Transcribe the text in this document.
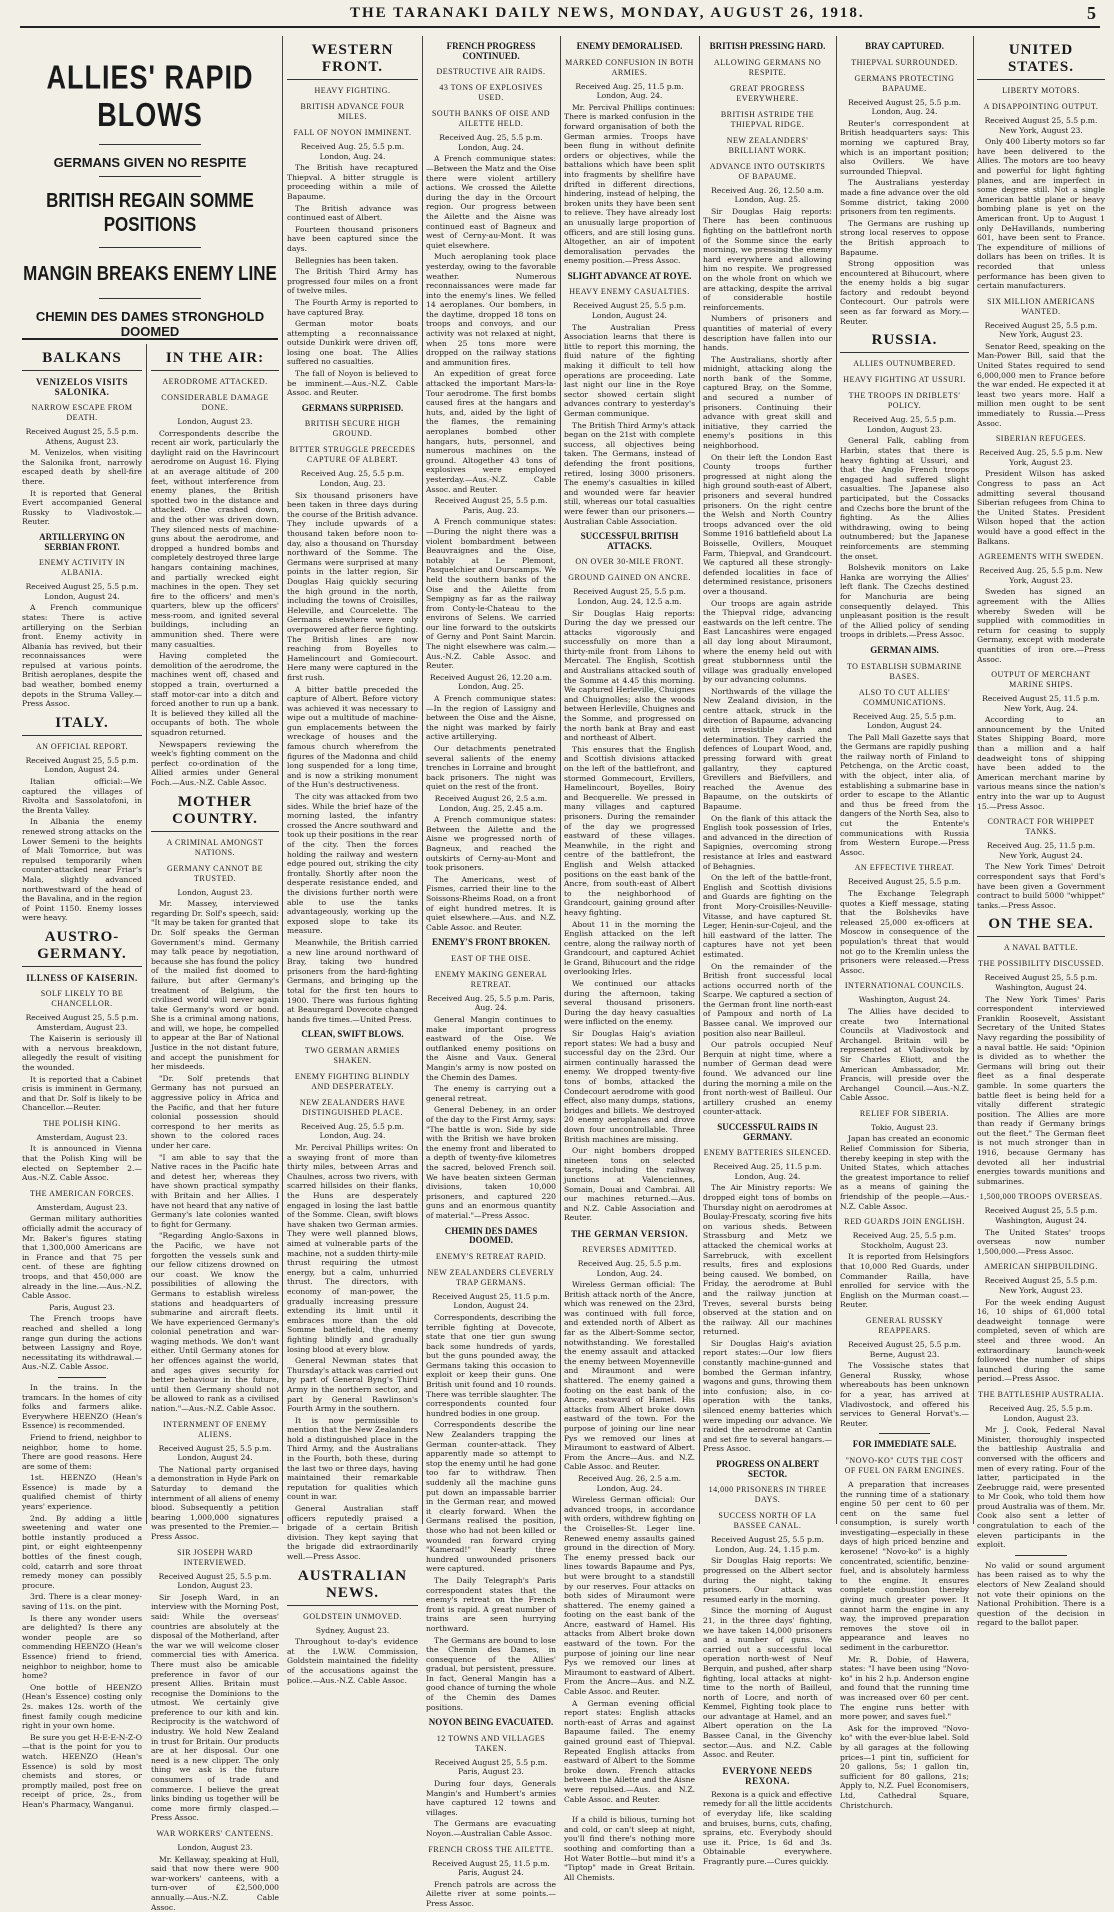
THE TARANAKI DAILY NEWS, MONDAY, AUGUST 26, 1918.	5
ALLIES' RAPID BLOWS
GERMANS GIVEN NO RESPITE
BRITISH REGAIN SOMME POSITIONS
MANGIN BREAKS ENEMY LINE
CHEMIN DES DAMES STRONGHOLD DOOMED
BALKANS
VENIZELOS VISITS SALONIKA.
NARROW ESCAPE FROM DEATH.

Received August 25, 5.5 p.m. Athens, August 23.

M. Venizelos, when visiting the Salonika front, narrowly escaped death by shell-fire there.

It is reported that General Evert accompanied General Russky to Vladivostok.—Reuter.

ARTILLERYING ON SERBIAN FRONT.
ENEMY ACTIVITY IN ALBANIA.

Received August 25, 5.5 p.m. London, August 24.

A French communique states: There is active artillerying on the Serbian front. Enemy activity in Albania has revived, but their reconnaissances were repulsed at various points. British aeroplanes, despite the bad weather, bombed enemy depots in the Struma Valley.—Press Assoc.

ITALY.
AN OFFICIAL REPORT.

Received August 25, 5.5 p.m. London, August 24.

Italian official:—We captured the villages of Rivolta and Sassolatofoni, in the Brenta Valley.

In Albania the enemy renewed strong attacks on the Lower Semeni to the heights of Mali Tomorrice, but was repulsed temporarily when counter-attacked near Friar's Mala, slightly advanced northwestward of the head of the Bavalina, and in the region of Point 1150. Enemy losses were heavy.

AUSTRO-GERMANY.
ILLNESS OF KAISERIN.
SOLF LIKELY TO BE CHANCELLOR.

Received August 25, 5.5 p.m. Amsterdam, August 23.

The Kaiserin is seriously ill with a nervous breakdown, allegedly the result of visiting the wounded.

It is reported that a Cabinet crisis is imminent in Germany, and that Dr. Solf is likely to be Chancellor.—Reuter.

THE POLISH KING.

Amsterdam, August 23.

It is announced in Vienna that the Polish King will be elected on September 2.—Aus.-N.Z. Cable Assoc.

THE AMERICAN FORCES.

Amsterdam, August 23.

German military authorities officially admit the accuracy of Mr. Baker's figures stating that 1,300,000 Americans are in France and that 75 per cent. of these are fighting troops, and that 450,000 are already in the line.—Aus.-N.Z. Cable Assoc.

Paris, August 23.

The French troops have reached and shelled a long range gun during the actions between Lassigny and Roye, necessitating its withdrawal.—Aus.-N.Z. Cable Assoc.

In the trains. In the tramcars. In the homes of city folks and farmers alike. Everywhere HEENZO (Hean's Essence) is recommended.

Friend to friend, neighbor to neighbor, home to home. There are good reasons. Here are some of them:

1st. HEENZO (Hean's Essence) is made by a qualified chemist of thirty years' experience.

2nd. By adding a little sweetening and water one bottle instantly produced a pint, or eight eighteenpenny bottles of the finest cough, cold, catarrh and sore throat remedy money can possibly procure.

3rd. There is a clear money-saving of 11s. on the pint.

Is there any wonder users are delighted? Is there any wonder people are so commending HEENZO (Hean's Essence) friend to friend, neighbor to neighbor, home to home?

One bottle of HEENZO (Hean's Essence) costing only 2s. makes 12s. worth of the finest family cough medicine right in your own home.

Be sure you get H-E-E-N-Z-O—that is the point for you to watch. HEENZO (Hean's Essence) is sold by most chemists and stores, or promptly mailed, post free on receipt of price, 2s., from Hean's Pharmacy, Wanganui.

IN THE AIR:
AERODROME ATTACKED.
CONSIDERABLE DAMAGE DONE.

London, August 23.

Correspondents describe the recent air work, particularly the daylight raid on the Havrincourt aerodrome on August 16. Flying at an average altitude of 200 feet, without interference from enemy planes, the British spotted two in the distance and attacked. One crashed down, and the other was driven down. They silenced nests of machine-guns about the aerodrome, and dropped a hundred bombs and completely destroyed three large hangars containing machines, and partially wrecked eight machines in the open. They set fire to the officers' and men's quarters, blew up the officers' mess-room, and ignited several buildings, including an ammunition shed. There were many casualties.

Having completed the demolition of the aerodrome, the machines went off, chased and stopped a train, overturned a staff motor-car into a ditch and forced another to run up a bank. It is believed they killed all the occupants of both. The whole squadron returned.

Newspapers reviewing the week's fighting comment on the perfect co-ordination of the Allied armies under General Foch.—Aus.-N.Z. Cable Assoc.

MOTHER COUNTRY.
A CRIMINAL AMONGST NATIONS.
GERMANY CANNOT BE TRUSTED.

London, August 23.

Mr. Massey, interviewed regarding Dr. Solf's speech, said: "It may be taken for granted that Dr. Solf speaks the German Government's mind. Germany may talk peace by negotiation, because she has found the policy of the mailed fist doomed to failure, but after Germany's treatment of Belgium, the civilised world will never again take Germany's word or bond. She is a criminal among nations, and will, we hope, be compelled to appear at the Bar of National Justice in the not distant future, and accept the punishment for her misdeeds.

"Dr. Solf pretends that Germany has not pursued an aggressive policy in Africa and the Pacific, and that her future colonial possession should correspond to her merits as shown to the colored races under her care.

"I am able to say that the Native races in the Pacific hate and detest her, whereas they have shown practical sympathy with Britain and her Allies. I have not heard that any native of Germany's late colonies wanted to fight for Germany.

"Regarding Anglo-Saxons in the Pacific, we have not forgotten the vessels sunk and our fellow citizens drowned on our coast. We know the possibilities of allowing the Germans to establish wireless stations and headquarters of submarine and aircraft fleets. We have experienced Germany's colonial penetration and war-waging methods. We don't want either. Until Germany atones for her offences against the world, and ages gives security for better behaviour in the future, until then Germany should not be allowed to rank as a civilised nation."—Aus.-N.Z. Cable Assoc.

INTERNMENT OF ENEMY ALIENS.

Received August 25, 5.5 p.m. London, August 24.

The National party organised a demonstration in Hyde Park on Saturday to demand the internment of all aliens of enemy blood. Subsequently a petition bearing 1,000,000 signatures was presented to the Premier.—Press Assoc.

SIR JOSEPH WARD INTERVIEWED.

Received August 25, 5.5 p.m. London, August 23.

Sir Joseph Ward, in an interview with the Morning Post, said: While the overseas' countries are absolutely at the disposal of the Motherland, after the war we will welcome closer commercial ties with America. There must also be amicable preference in favor of our present Allies. Britain must recognise the Dominions to the utmost. We certainly give preference to our kith and kin. Reciprocity is the watchword of industry. We hold New Zealand in trust for Britain. Our products are at her disposal. Our one need is a new clipper. The only thing we ask is the future consumers of trade and commerce. I believe the great links binding us together will be come more firmly clasped.—Press Assoc.

WAR WORKERS' CANTEENS.

London, August 23.

Mr. Kellaway, speaking at Hull, said that now there were 900 war-workers' canteens, with a turn-over of £2,500,000 annually.—Aus.-N.Z. Cable Assoc.

WESTERN FRONT.
HEAVY FIGHTING.
BRITISH ADVANCE FOUR MILES.
FALL OF NOYON IMMINENT.

Received Aug. 25, 5.5 p.m. London, Aug. 24.

The British have recaptured Thiepval. A bitter struggle is proceeding within a mile of Bapaume.

The British advance was continued east of Albert.

Fourteen thousand prisoners have been captured since the days.

Bellegnies has been taken.

The British Third Army has progressed four miles on a front of twelve miles.

The Fourth Army is reported to have captured Bray.

German motor boats attempting a reconnaissance outside Dunkirk were driven off, losing one boat. The Allies suffered no casualties.

The fall of Noyon is believed to be imminent.—Aus.-N.Z. Cable Assoc. and Reuter.

GERMANS SURPRISED.
BRITISH SECURE HIGH GROUND.
BITTER STRUGGLE PRECEDES CAPTURE OF ALBERT.

Received Aug. 25, 5.5 p.m. London, Aug. 23.

Six thousand prisoners have been taken in three days during the course of the British advance. They include upwards of a thousand taken before noon to-day, also a thousand on Thursday northward of the Somme. The Germans were surprised at many points in the latter region, Sir Douglas Haig quickly securing the high ground in the north, including the towns of Croisilles, Heleville, and Courcelette. The Germans elsewhere were only overpowered after fierce fighting. The British lines are now reaching from Boyelles to Hamelincourt and Gomiecourt. Here many were captured in the first rush.

A bitter battle preceded the capture of Albert. Before victory was achieved it was necessary to wipe out a multitude of machine-gun emplacements between the wreckage of houses and the famous church wherefrom the figures of the Madonna and child long suspended for a long time, and is now a striking monument of the Hun's destructiveness.

The city was attacked from two sides. While the brief haze of the morning lasted, the infantry crossed the Ancre southward and took up their positions in the rear of the city. Then the forces holding the railway and western edge poured out, striking the city frontally. Shortly after noon the desperate resistance ended, and the divisions further north were able to use the tanks advantageously, working up the exposed slope to take its measure.

Meanwhile, the British carried a new line around northward of Bray, taking two hundred prisoners from the hard-fighting Germans, and bringing up the total for the first ten hours to 1900. There was furious fighting at Beauregard Dovecote changed hands five times.—United Press.

CLEAN, SWIFT BLOWS.
TWO GERMAN ARMIES SHAKEN.
ENEMY FIGHTING BLINDLY AND DESPERATELY.
NEW ZEALANDERS HAVE DISTINGUISHED PLACE.

Received Aug. 25, 5.5 p.m. London, Aug. 24.

Mr. Percival Phillips writes: On a swaying front of more than thirty miles, between Arras and Chaulnes, across two rivers, with scarred hillsides on their flanks, the Huns are desperately engaged in losing the last battle of the Somme. Clean, swift blows have shaken two German armies. They were well planned blows, aimed at vulnerable parts of the machine, not a sudden thirty-mile thrust requiring the utmost energy, but a calm, unhurried thrust. The directors, with economy of man-power, the gradually increasing pressure extending its limit until it embraces more than the old Somme battlefield, the enemy fighting blindly and gradually losing blood at every blow.

General Newman states that Thursday's attack was carried out by part of General Byng's Third Army in the northern sector, and part by General Rawlinson's Fourth Army in the southern.

It is now permissible to mention that the New Zealanders hold a distinguished place in the Third Army, and the Australians in the Fourth, both these, during the last two or three days, having maintained their remarkable reputation for qualities which count in war.

General Australian staff officers reputedly praised a brigade of a certain British division. They kept saying that the brigade did extraordinarily well.—Press Assoc.

AUSTRALIAN NEWS.
GOLDSTEIN UNMOVED.

Sydney, August 23.

Throughout to-day's evidence at the I.W.W. Commission, Goldstein maintained the fidelity of the accusations against the police.—Aus.-N.Z. Cable Assoc.

FRENCH PROGRESS CONTINUED.
DESTRUCTIVE AIR RAIDS.
43 TONS OF EXPLOSIVES USED.
SOUTH BANKS OF OISE AND AILETTE HELD.

Received Aug. 25, 5.5 p.m. London, Aug. 24.

A French communique states:—Between the Matz and the Oise there were violent artillery actions. We crossed the Ailette during the day in the Orcourt region. Our progress between the Ailette and the Aisne was continued east of Bagneux and west of Cerny-au-Mont. It was quiet elsewhere.

Much aeroplaning took place yesterday, owing to the favorable weather. Numerous reconnaissances were made far into the enemy's lines. We felled 14 aeroplanes. Our bombers, in the daytime, dropped 18 tons on troops and convoys, and our activity was not relaxed at night, when 25 tons more were dropped on the railway stations and ammunition fires.

An expedition of great force attacked the important Mars-la-Tour aerodrome. The first bombs caused fires at the hangars and huts, and, aided by the light of the flames, the remaining aeroplanes bombed other hangars, huts, personnel, and numerous machines on the ground. Altogether 43 tons of explosives were employed yesterday.—Aus.-N.Z. Cable Assoc. and Reuter.

Received August 25, 5.5 p.m. Paris, Aug. 23.

A French communique states:—During the night there was a violent bombardment between Beauvraignes and the Oise, notably at Le Plemont, Pasquelchier and Ourscamps. We held the southern banks of the Oise and the Ailette from Sempigny as far as the railway from Conty-le-Chateau to the environs of Selens. We carried our line forward to the outskirts of Gerny and Pont Saint Marcin. The night elsewhere was calm.—Aus.-N.Z. Cable Assoc. and Reuter.

Received August 26, 12.20 a.m. London, Aug. 25.

A French communique states:—In the region of Lassigny and between the Oise and the Aisne, the night was marked by fairly active artillerying.

Our detachments penetrated several salients of the enemy trenches in Lorraine and brought back prisoners. The night was quiet on the rest of the front.

Received August 26, 2.5 a.m. London, Aug. 25, 2.45 a.m.

A French communique states: Between the Ailette and the Aisne we progressed north of Bagneux, and reached the outskirts of Cerny-au-Mont and took prisoners.

The Americans, west of Fismes, carried their line to the Soissons-Rheims Road, on a front of eight hundred metres. It is quiet elsewhere.—Aus. and N.Z. Cable Assoc. and Reuter.

ENEMY'S FRONT BROKEN.
EAST OF THE OISE.
ENEMY MAKING GENERAL RETREAT.

Received Aug. 25, 5.5 p.m. Paris, Aug. 24.

General Mangin continues to make important progress eastward of the Oise. We outflanked enemy positions on the Aisne and Vaux. General Mangin's army is now posted on the Chemin des Dames.

The enemy is carrying out a general retreat.

General Debeney, in an order of the day to the First Army, says: "The battle is won. Side by side with the British we have broken the enemy front and liberated to a depth of twenty-five kilometres the sacred, beloved French soil. We have beaten sixteen German divisions, taken 10,000 prisoners, and captured 220 guns and an enormous quantity of material."—Press Assoc.

CHEMIN DES DAMES DOOMED.
ENEMY'S RETREAT RAPID.
NEW ZEALANDERS CLEVERLY TRAP GERMANS.

Received August 25, 11.5 p.m. London, August 24.

Correspondents, describing the terrible fighting at Dovecote, state that one tier gun swung back some hundreds of yards, but the guns pounded away, the Germans taking this occasion to exploit or keep their guns. One British unit found and 10 rounds. There was terrible slaughter. The correspondents counted four hundred bodies in one group.

Correspondents describe the New Zealanders trapping the German counter-attack. They apparently made so attempt to stop the enemy until he had gone too far to withdraw. Then suddenly all the machine guns put down an impassable barrier in the German rear, and mowed it clearly forward. When the Germans realised the position, those who had not been killed or wounded ran forward crying "Kamerad!" Nearly three hundred unwounded prisoners were captured.

The Daily Telegraph's Paris correspondent states that the enemy's retreat on the French front is rapid. A great number of trains are seen hurrying northward.

The Germans are bound to lose the Chemin des Dames, in consequence of the Allies' gradual, but persistent, pressure. In fact, General Mangin has a good chance of turning the whole of the Chemin des Dames positions.

NOYON BEING EVACUATED.
12 TOWNS AND VILLAGES TAKEN.

Received August 25, 5.5 p.m. Paris, August 23.

During four days, Generals Mangin's and Humbert's armies have captured 12 towns and villages.

The Germans are evacuating Noyon.—Australian Cable Assoc.

FRENCH CROSS THE AILETTE.

Received August 25, 11.5 p.m. Paris, August 24.

French patrols are across the Ailette river at some points.—Press Assoc.

ENEMY DEMORALISED.
MARKED CONFUSION IN BOTH ARMIES.

Received Aug. 25, 11.5 p.m. London, Aug. 24.

Mr. Percival Phillips continues: There is marked confusion in the forward organisation of both the German armies. Troops have been flung in without definite orders or objectives, while the battalions which have been split into fragments by shellfire have drifted in different directions, hindering, instead of helping, the broken units they have been sent to relieve. They have already lost an unusually large proportion of officers, and are still losing guns. Altogether, an air of impotent demoralisation pervades the enemy position.—Press Assoc.

SLIGHT ADVANCE AT ROYE.
HEAVY ENEMY CASUALTIES.

Received August 25, 5.5 p.m. London, August 24.

The Australian Press Association learns that there is little to report this morning, the fluid nature of the fighting making it difficult to tell how operations are proceeding. Late last night our line in the Roye sector showed certain slight advances contrary to yesterday's German communique.

The British Third Army's attack began on the 21st with complete success, all objectives being taken. The Germans, instead of defending the front positions, retired, losing 3000 prisoners. The enemy's casualties in killed and wounded were far heavier still, whereas our total casualties were fewer than our prisoners.—Australian Cable Association.

SUCCESSFUL BRITISH ATTACKS.
ON OVER 30-MILE FRONT.
GROUND GAINED ON ANCRE.

Received August 25, 5.5 p.m. London, Aug. 24, 12.5 a.m.

Sir Douglas Haig reports: During the day we pressed our attacks vigorously and successfully on more than a thirty-mile front from Lihons to Mercatel. The English, Scottish and Australians attacked south of the Somme at 4.45 this morning. We captured Herleville, Chuignes and Chuignolles; also the woods between Herleville, Chuignes and the Somme, and progressed on the north bank at Bray and east and northeast of Albert.

This ensures that the English and Scottish divisions attacked on the left of the battlefront, and stormed Gommecourt, Ervillers, Hamelincourt, Boyelles, Boiry and Becquerelle. We pressed in many villages and captured prisoners. During the remainder of the day we progressed eastward of these villages. Meanwhile, in the right and centre of the battlefront, the English and Welsh attacked positions on the east bank of the Ancre, from south-east of Albert to the neighborhood of Grandcourt, gaining ground after heavy fighting.

About 11 in the morning the English attacked on the left centre, along the railway north of Grandcourt, and captured Achiet le Grand, Bihucourt and the ridge overlooking Irles.

We continued our attacks during the afternoon, taking several thousand prisoners. During the day heavy casualties were inflicted on the enemy.

Sir Douglas Haig's aviation report states: We had a busy and successful day on the 23rd. Our airmen continually harassed the enemy. We dropped twenty-five tons of bombs, attacked the Condecourt aerodrome with good effect, also many dumps, stations, bridges and billets. We destroyed 20 enemy aeroplanes and drove down four uncontrollable. Three British machines are missing.

Our night bombers dropped nineteen tons on selected targets, including the railway junctions at Valenciennes, Somain, Douai and Cambrai. All our machines returned.—Aus. and N.Z. Cable Association and Reuter.

THE GERMAN VERSION.
REVERSES ADMITTED.

Received Aug. 25, 5.5 p.m. London, Aug. 24.

Wireless German official: The British attack north of the Ancre, which was renewed on the 23rd, was continued with full force, and extended north of Albert as far as the Albert-Somme sector, notwithstanding. We forestalled the enemy assault and attacked the enemy between Moyenneville and Miraumont and were shattered. The enemy gained a footing on the east bank of the Ancre, eastward of Hamel. His attacks from Albert broke down eastward of the town. For the purpose of joining our line near Pys we removed our lines at Miraumont to eastward of Albert. From the Ancre—Aus. and N.Z. Cable Assoc. and Reuter.

Received Aug. 26, 2.5 a.m. London, Aug. 24.

Wireless German official: Our advanced troops, in accordance with orders, withdrew fighting on the Croiselles-St. Leger line. Renewed enemy assaults gained ground in the direction of Mory. The enemy pressed back our lines towards Bapaume and Pys, but were brought to a standstill by our reserves. Four attacks on both sides of Miraumont were shattered. The enemy gained a footing on the east bank of the Ancre, eastward of Hamel. His attacks from Albert broke down eastward of the town. For the purpose of joining our line near Pys we removed our lines at Miraumont to eastward of Albert. From the Ancre—Aus. and N.Z. Cable Assoc. and Reuter.

A German evening official report states: English attacks north-east of Arras and against Bapaume failed. The enemy gained ground east of Thiepval. Repeated English attacks from eastward of Albert to the Somme broke down. French attacks between the Ailette and the Aisne were repulsed.—Aus. and N.Z. Cable Assoc. and Reuter.

If a child is bilious, turning hot and cold, or can't sleep at night, you'll find there's nothing more soothing and comforting than a Hot Water Bottle—but mind it's a "Tiptop" made in Great Britain. All Chemists.

BRITISH PRESSING HARD.
ALLOWING GERMANS NO RESPITE.
GREAT PROGRESS EVERYWHERE.
BRITISH ASTRIDE THE THIEPVAL RIDGE.
NEW ZEALANDERS' BRILLIANT WORK.
ADVANCE INTO OUTSKIRTS OF BAPAUME.

Received Aug. 26, 12.50 a.m. London, Aug. 25.

Sir Douglas Haig reports: There has been continuous fighting on the battlefront north of the Somme since the early morning, we pressing the enemy hard everywhere and allowing him no respite. We progressed on the whole front on which we are attacking, despite the arrival of considerable hostile reinforcements.

Numbers of prisoners and quantities of material of every description have fallen into our hands.

The Australians, shortly after midnight, attacking along the north bank of the Somme, captured Bray, on the Somme, and secured a number of prisoners. Continuing their advance with great skill and initiative, they carried the enemy's positions in this neighborhood.

On their left the London East County troops further progressed at night along the high ground south-east of Albert, prisoners and several hundred prisoners. On the right centre the Welsh and North Country troops advanced over the old Somme 1916 battlefield about La Boisselle, Ovillers, Mouquet Farm, Thiepval, and Grandcourt. We captured all these strongly-defended localities in face of determined resistance, prisoners over a thousand.

Our troops are again astride the Thiepval ridge, advancing eastwards on the left centre. The East Lancashires were engaged all day long about Miraumont, where the enemy held out with great stubbornness until the village was gradually enveloped by our advancing columns.

Northwards of the village the New Zealand division, in the centre attack, struck in the direction of Bapaume, advancing with irresistible dash and determination. They carried the defences of Loupart Wood, and, pressing forward with great gallantry, they captured Grevillers and Biefvillers, and reached the Avenue des Bapaume, on the outskirts of Bapaume.

On the flank of this attack the English took possession of Irles, and advanced in the direction of Sapignies, overcoming strong resistance at Irles and eastward of Behagnies.

On the left of the battle-front, English and Scottish divisions and Guards are fighting on the front Mory-Croisilles-Neuville-Vitasse, and have captured St. Leger, Henin-sur-Cojeul, and the hill eastward of the latter. The captures have not yet been estimated.

On the remainder of the British front successful local actions occurred north of the Scarpe. We captured a section of the German front line north-east of Pampoux and north of La Bassee canal. We improved our position also near Bailleul.

Our patrols occupied Neuf Berquin at night time, where a number of German dead were found. We advanced our line during the morning a mile on the front north-west of Bailleul. Our artillery crushed an enemy counter-attack.

SUCCESSFUL RAIDS IN GERMANY.
ENEMY BATTERIES SILENCED.

Received Aug. 25, 11.5 p.m. London, Aug. 24.

The Air Ministry reports: We dropped eight tons of bombs on Thursday night on aerodromes at Boulay-Frescaty, scoring five hits on various sheds. Between Strassburg and Metz we attacked the chemical works at Sarrebruck, with excellent results, fires and explosions being caused. We bombed, on Friday, the aerodrome at Buhl and the railway junction at Treves, several bursts being observed at the station and on the railway. All our machines returned.

Sir Douglas Haig's aviation report states:—Our low fliers constantly machine-gunned and bombed the German infantry, wagons and guns, throwing them into confusion; also, in co-operation with the tanks, silenced enemy batteries which were impeding our advance. We raided the aerodrome at Cantin and set fire to several hangars.—Press Assoc.

PROGRESS ON ALBERT SECTOR.
14,000 PRISONERS IN THREE DAYS.
SUCCESS NORTH OF LA BASSEE CANAL.

Received August 25, 5.5 p.m. London, Aug. 24, 1.15 p.m.

Sir Douglas Haig reports: We progressed on the Albert sector during the night, taking prisoners. Our attack was resumed early in the morning.

Since the morning of August 21, in the three days' fighting, we have taken 14,000 prisoners and a number of guns. We carried out a successful local operation north-west of Neuf Berquin, and pushed, after sharp fighting, local attacks at night-time to the north of Bailleul, north of Locre, and north of Kemmel, Fighting took place to our advantage at Hamel, and an Albert operation on the La Bassee Canal, in the Givenchy sector.—Aus. and N.Z. Cable Assoc. and Reuter.

EVERYONE NEEDS REXONA.

Rexona is a quick and effective remedy for all the little accidents of everyday life, like scalding and bruises, burns, cuts, chafing, sprains, etc. Everybody should use it. Price, 1s 6d and 3s. Obtainable everywhere. Fragrantly pure.—Cures quickly.

BRAY CAPTURED.
THIEPVAL SURROUNDED.
GERMANS PROTECTING BAPAUME.

Received August 25, 5.5 p.m. London, Aug. 24.

Reuter's correspondent at British headquarters says: This morning we captured Bray, which is an important position; also Ovillers. We have surrounded Thiepval.

The Australians yesterday made a fine advance over the old Somme district, taking 2000 prisoners from ten regiments.

The Germans are rushing up strong local reserves to oppose the British approach to Bapaume.

Strong opposition was encountered at Bihucourt, where the enemy holds a big sugar factory and redoubt beyond Contecourt. Our patrols were seen as far forward as Mory.—Reuter.

RUSSIA.
ALLIES OUTNUMBERED.
HEAVY FIGHTING AT USSURI.
THE TROOPS IN DRIBLETS' POLICY.

Received Aug. 25, 5.5 p.m. London, August 23.

General Falk, cabling from Harbin, states that there is heavy fighting at Ussuri, and that the Anglo French troops engaged had suffered slight casualties. The Japanese also participated, but the Cossacks and Czechs bore the brunt of the fighting. As the Allies withdrawing, owing to being outnumbered; but the Japanese reinforcements are stemming the onset.

Bolshevik monitors on Lake Hanka are worrying the Allies' left flank. The Czechs destined for Manchuria are being consequently delayed. This unpleasant position is the result of the Allied policy of sending troops in driblets.—Press Assoc.

GERMAN AIMS.
TO ESTABLISH SUBMARINE BASES.
ALSO TO CUT ALLIES' COMMUNICATIONS.

Received Aug. 25, 5.5 p.m. London, August 24.

The Pall Mall Gazette says that the Germans are rapidly pushing the railway north of Finland to Petchenga, on the Arctic coast, with the object, inter alia, of establishing a submarine base in order to escape to the Atlantic and thus be freed from the dangers of the North Sea, also to cut the Entente's communications with Russia from Western Europe.—Press Assoc.

AN EFFECTIVE THREAT.

Received August 25, 5.5 p.m.

The Exchange Telegraph quotes a Kieff message, stating that the Bolsheviks have released 25,000 ex-officers at Moscow in consequence of the population's threat that would not go to the Kremlin unless the prisoners were released.—Press Assoc.

INTERNATIONAL COUNCILS.

Washington, August 24.

The Allies have decided to create two International Councils at Vladivostock and Archangel. Britain will be represented at Vladivostok by Sir Charles Eliott, and the American Ambassador, Mr. Francis, will preside over the Archangel Council.—Aus.-N.Z. Cable Assoc.

RELIEF FOR SIBERIA.

Tokio, August 23.

Japan has created an economic Relief Commission for Siberia, thereby keeping in step with the United States, which attaches the greatest importance to relief as a means of gaining the friendship of the people.—Aus.-N.Z. Cable Assoc.

RED GUARDS JOIN ENGLISH.

Received Aug. 25, 5.5 p.m. Stockholm, August 23.

It is reported from Helsingfors that 10,000 Red Guards, under Commander Railla, have enrolled for service with the English on the Murman coast.—Reuter.

GENERAL RUSSKY REAPPEARS.

Received August 25, 5.5 p.m. Berne, August 23.

The Vossische states that General Russky, whose whereabouts has been unknown for a year, has arrived at Vladivostock, and offered his services to General Horvat's.—Reuter.

FOR IMMEDIATE SALE.
"NOVO-KO" CUTS THE COST OF FUEL ON FARM ENGINES.

A preparation that increases the running time of a stationary engine 50 per cent to 60 per cent on the same fuel consumption, is surely worth investigating—especially in these days of high priced benzine and kerosene! "Novo-ko" is a highly concentrated, scientific, benzine-fuel, and is absolutely harmless to the engine. It ensures complete combustion thereby giving much greater power. It cannot harm the engine in any way, the improved preparation removes the stove oil in appearance and leaves no sediment in the carburettor.

Mr. R. Dobie, of Hawera, states: "I have been using "Novo-ko" in his 2 h.p. Anderson engine and found that the running time was increased over 60 per cent. The engine runs better with more power, and saves fuel."

Ask for the improved "Novo-ko" with the ever-blue label. Sold by all garages at the following prices—1 pint tin, sufficient for 20 gallons, 5s; 1 gallon tin, sufficient for 80 gallons, 21s; Apply to, N.Z. Fuel Economisers, Ltd, Cathedral Square, Christchurch.

UNITED STATES.
LIBERTY MOTORS.
A DISAPPOINTING OUTPUT.

Received August 25, 5.5 p.m. New York, August 23.

Only 400 Liberty motors so far have been delivered to the Allies. The motors are too heavy and powerful for light fighting planes, and are imperfect in some degree still. Not a single American battle plane or heavy bombing plane is yet on the American front. Up to August 1 only DeHavillands, numbering 601, have been sent to France. The expenditure of millions of dollars has been on trifles. It is recorded that unless performance has been given to certain manufacturers.

SIX MILLION AMERICANS WANTED.

Received August 25, 5.5 p.m. New York, August 23.

Senator Reed, speaking on the Man-Power Bill, said that the United States required to send 6,000,000 men to France before the war ended. He expected it at least two years more. Half a million men ought to be sent immediately to Russia.—Press Assoc.

SIBERIAN REFUGEES.

Received Aug. 25, 5.5 p.m. New York, August 23.

President Wilson has asked Congress to pass an Act admitting several thousand Siberian refugees from China to the United States. President Wilson hoped that the action would have a good effect in the Balkans.

AGREEMENTS WITH SWEDEN.

Received Aug. 25, 5.5 p.m. New York, August 23.

Sweden has signed an agreement with the Allies whereby Sweden will be supplied with commodities in return for ceasing to supply Germany, except with moderate quantities of iron ore.—Press Assoc.

OUTPUT OF MERCHANT MARINE SHIPS.

Received August 25, 11.5 p.m. New York, Aug. 24.

According to an announcement by the United States Shipping Board, more than a million and a half deadweight tons of shipping have been added to the American merchant marine by various means since the nation's entry into the war up to August 15.—Press Assoc.

CONTRACT FOR WHIPPET TANKS.

Received Aug. 25, 11.5 p.m. New York, August 24.

The New York Times' Detroit correspondent says that Ford's have been given a Government contract to build 5000 "whippet" tanks.—Press Assoc.

ON THE SEA.
A NAVAL BATTLE.
THE POSSIBILITY DISCUSSED.

Received August 25, 5.5 p.m. Washington, August 24.

The New York Times' Paris correspondent interviewed Franklin Roosevelt, Assistant Secretary of the United States Navy regarding the possibility of a naval battle. He said: "Opinion is divided as to whether the Germans will bring out their fleet as a final desperate gamble. In some quarters the battle fleet is being held for a vitally different strategic position. The Allies are more than ready if Germany brings out the fleet." The German fleet is not much stronger than in 1916, because Germany has devoted all her industrial energies towards munitions and submarines.

1,500,000 TROOPS OVERSEAS.

Received August 25, 5.5 p.m. Washington, August 24.

The United States' troops overseas now number 1,500,000.—Press Assoc.

AMERICAN SHIPBUILDING.

Received August 25, 5.5 p.m. New York, August 23.

For the week ending August 16, 10 ships of 61,000 total deadweight tonnage were completed, seven of which are steel and three wood. An extraordinary launch-week followed the number of ships launched during the same period.—Press Assoc.

THE BATTLESHIP AUSTRALIA.

Received Aug. 25, 5.5 p.m. London, August 23.

Mr J. Cook, Federal Naval Minister, thoroughly inspected the battleship Australia and conversed with the officers and men of every rating. Four of the latter, participated in the Zeebrugge raid, were presented to Mr Cook, who told them how proud Australia was of them. Mr. Cook also sent a letter of congratulation to each of the eleven participants in the exploit.

No valid or sound argument has been raised as to why the electors of New Zealand should not vote their opinions on the National Prohibition. There is a question of the decision in regard to the ballot paper.
